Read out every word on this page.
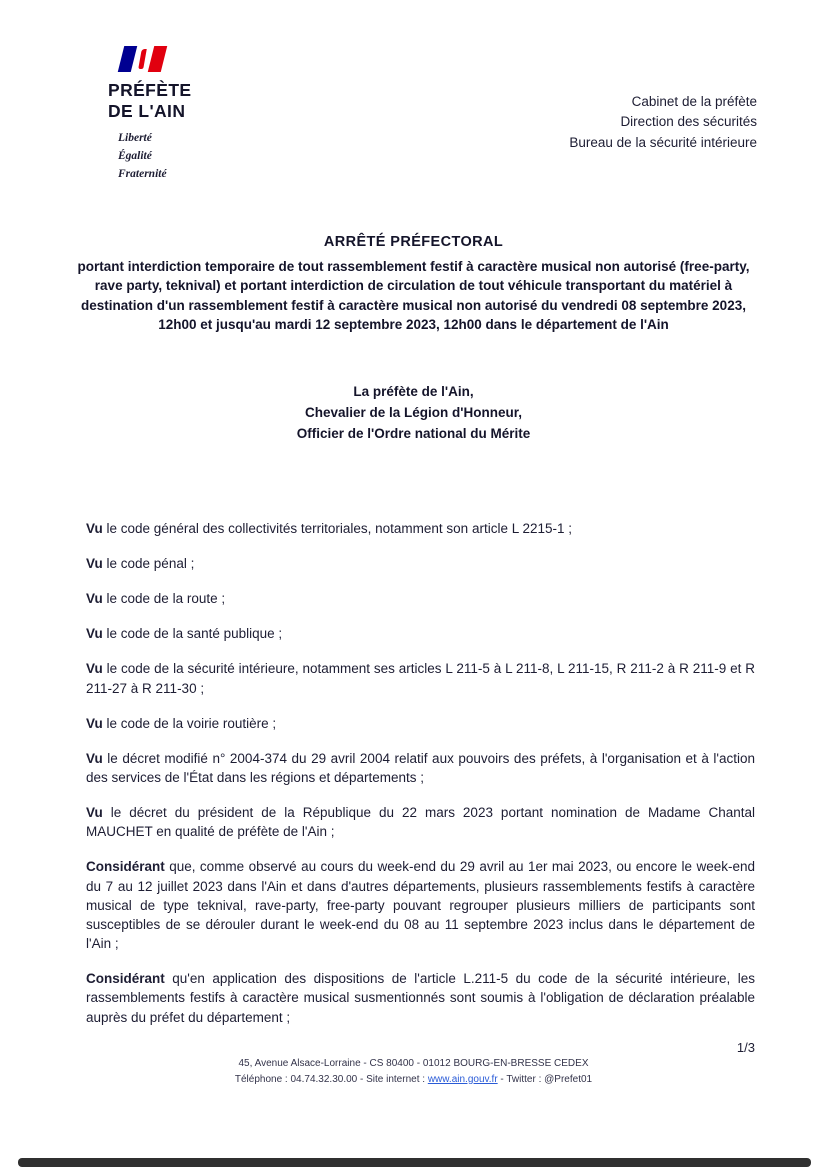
PRÉFÈTE
DE L'AIN
Liberté
Égalité
Fraternité
Cabinet de la préfète
Direction des sécurités
Bureau de la sécurité intérieure
ARRÊTÉ PRÉFECTORAL
portant interdiction temporaire de tout rassemblement festif à caractère musical non autorisé (free-party, rave party, teknival) et portant interdiction de circulation de tout véhicule transportant du matériel à destination d'un rassemblement festif à caractère musical non autorisé du vendredi 08 septembre 2023, 12h00 et jusqu'au mardi 12 septembre 2023, 12h00 dans le département de l'Ain
La préfète de l'Ain,
Chevalier de la Légion d'Honneur,
Officier de l'Ordre national du Mérite

Vu le code général des collectivités territoriales, notamment son article L 2215-1 ;

Vu le code pénal ;

Vu le code de la route ;

Vu le code de la santé publique ;

Vu le code de la sécurité intérieure, notamment ses articles L 211-5 à L 211-8, L 211-15, R 211-2 à R 211-9 et R 211-27 à R 211-30 ;

Vu le code de la voirie routière ;

Vu le décret modifié n° 2004-374 du 29 avril 2004 relatif aux pouvoirs des préfets, à l'organisation et à l'action des services de l'État dans les régions et départements ;

Vu le décret du président de la République du 22 mars 2023 portant nomination de Madame Chantal MAUCHET en qualité de préfète de l'Ain ;

Considérant que, comme observé au cours du week-end du 29 avril au 1er mai 2023, ou encore le week-end du 7 au 12 juillet 2023 dans l'Ain et dans d'autres départements, plusieurs rassemblements festifs à caractère musical de type teknival, rave-party, free-party pouvant regrouper plusieurs milliers de participants sont susceptibles de se dérouler durant le week-end du 08 au 11 septembre 2023 inclus dans le département de l'Ain ;

Considérant qu'en application des dispositions de l'article L.211-5 du code de la sécurité intérieure, les rassemblements festifs à caractère musical susmentionnés sont soumis à l'obligation de déclaration préalable auprès du préfet du département ;

1/3
45, Avenue Alsace-Lorraine - CS 80400 - 01012 BOURG-EN-BRESSE CEDEX
Téléphone : 04.74.32.30.00 - Site internet : www.ain.gouv.fr - Twitter : @Prefet01
